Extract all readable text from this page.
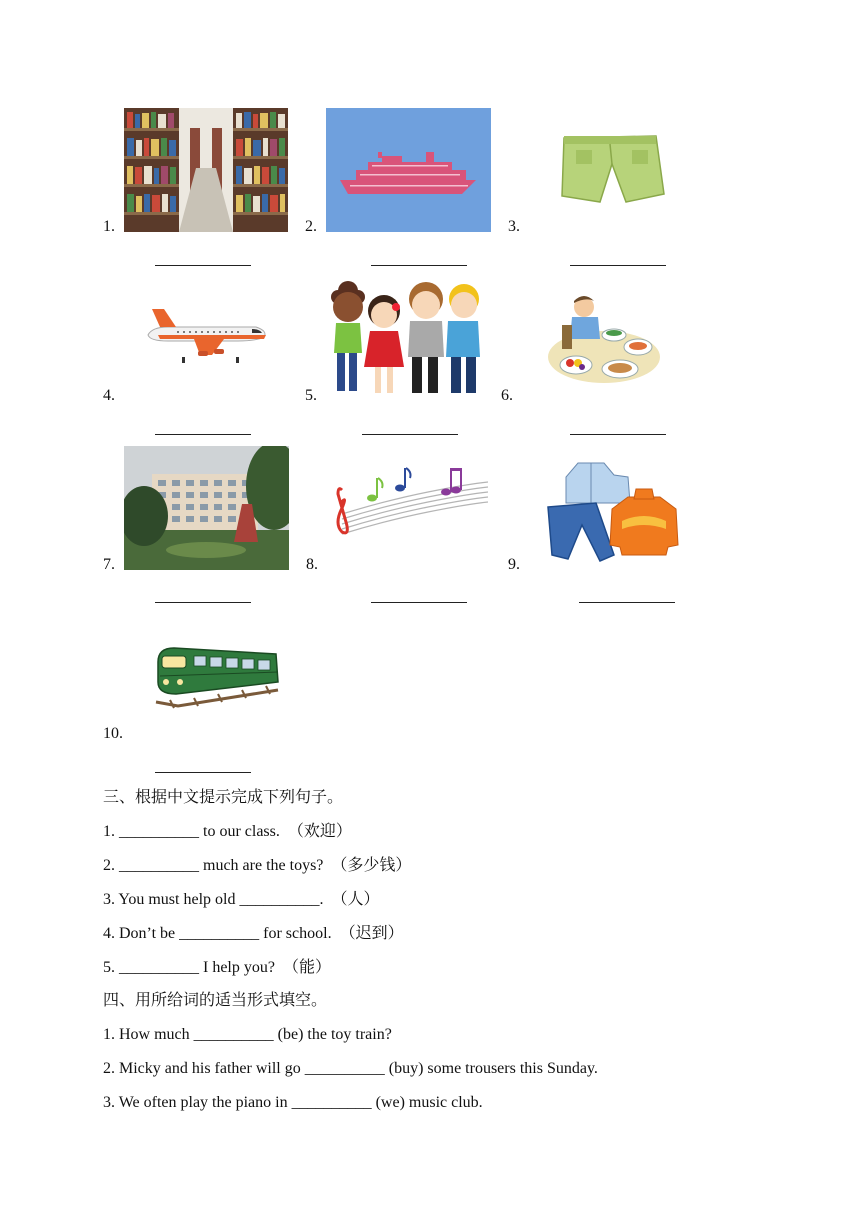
1.	2.	3.
4.	5.	6.
7.	8.	9.
10.
三、根据中文提示完成下列句子。
1. __________ to our class.  （欢迎）
2. __________ much are the toys?  （多少钱）
3. You must help old __________.  （人）
4. Don’t be __________ for school.  （迟到）
5. __________ I help you?  （能）
四、用所给词的适当形式填空。
1. How much __________ (be) the toy train?
2. Micky and his father will go __________ (buy) some trousers this Sunday.
3. We often play the piano in __________ (we) music club.
